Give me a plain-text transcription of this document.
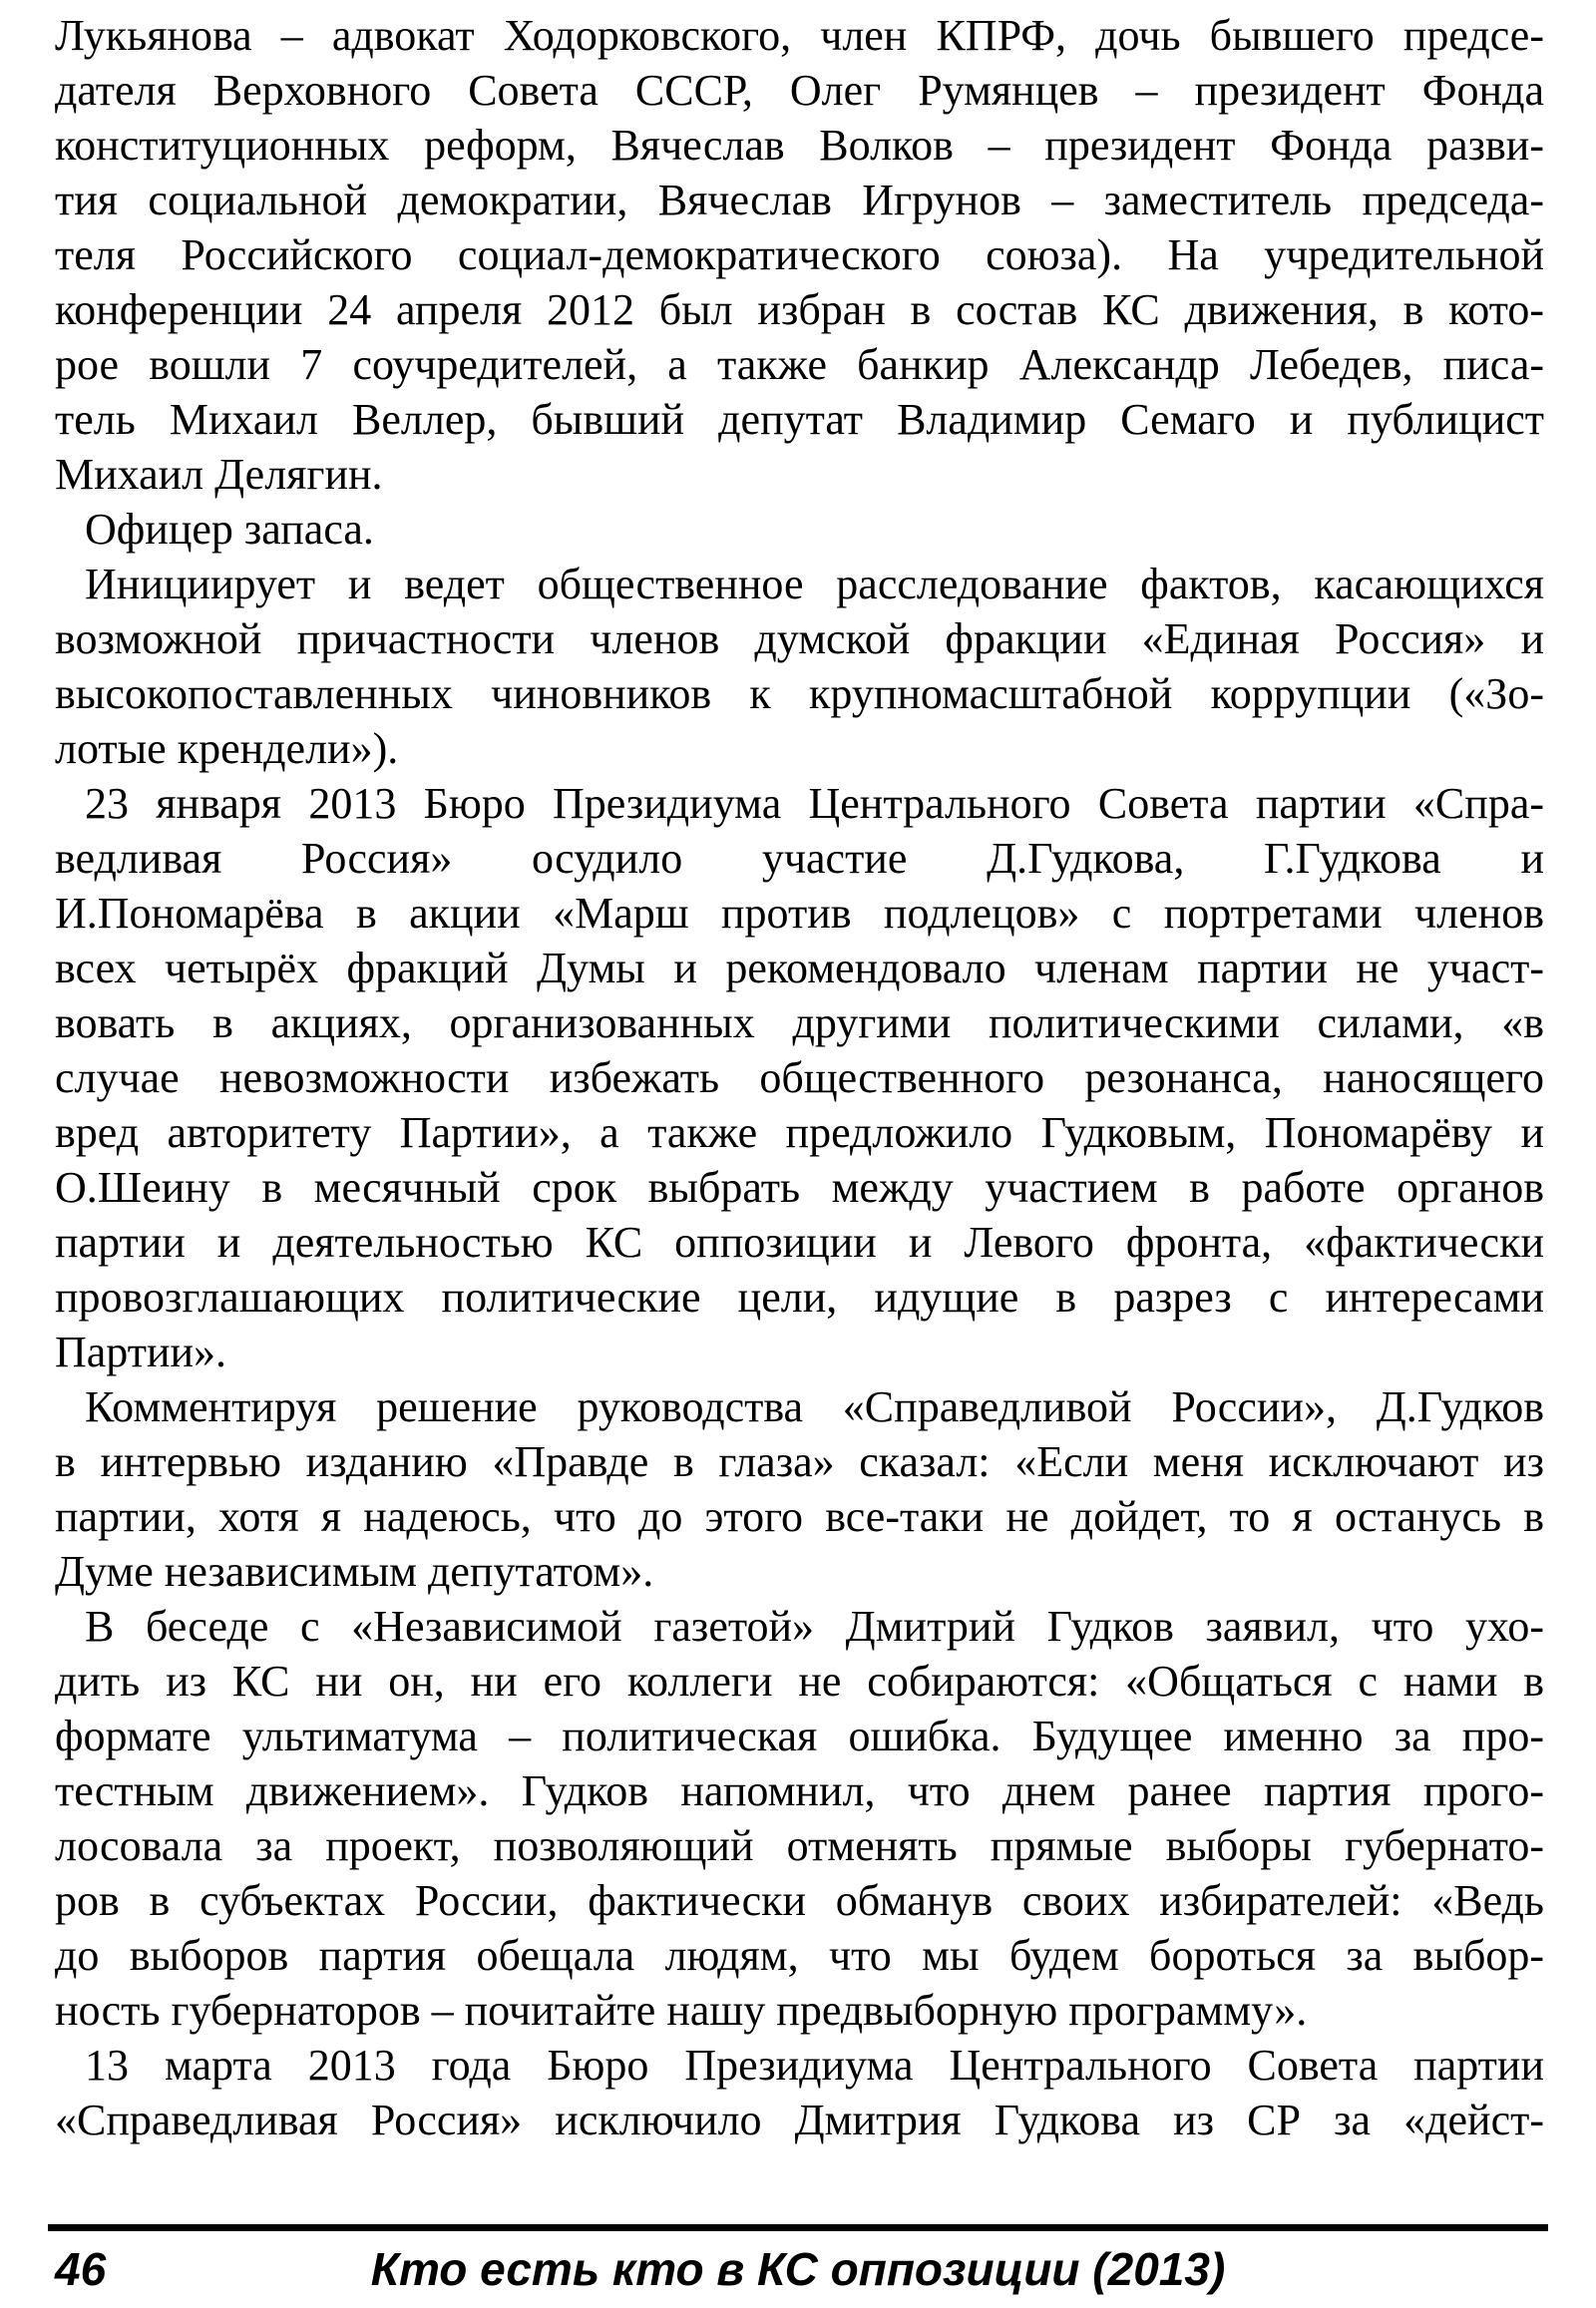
Лукьянова – адвокат Ходорковского, член КПРФ, дочь бывшего предсе-
дателя Верховного Совета СССР, Олег Румянцев – президент Фонда
конституционных реформ, Вячеслав Волков – президент Фонда разви-
тия социальной демократии, Вячеслав Игрунов – заместитель председа-
теля Российского социал-демократического союза). На учредительной
конференции 24 апреля 2012 был избран в состав КС движения, в кото-
рое вошли 7 соучредителей, а также банкир Александр Лебедев, писа-
тель Михаил Веллер, бывший депутат Владимир Семаго и публицист
Михаил Делягин.
Офицер запаса.
Инициирует и ведет общественное расследование фактов, касающихся
возможной причастности членов думской фракции «Единая Россия» и
высокопоставленных чиновников к крупномасштабной коррупции («Зо-
лотые крендели»).
23 января 2013 Бюро Президиума Центрального Совета партии «Спра-
ведливая Россия» осудило участие Д.Гудкова, Г.Гудкова и
И.Пономарёва в акции «Марш против подлецов» с портретами членов
всех четырёх фракций Думы и рекомендовало членам партии не участ-
вовать в акциях, организованных другими политическими силами, «в
случае невозможности избежать общественного резонанса, наносящего
вред авторитету Партии», а также предложило Гудковым, Пономарёву и
О.Шеину в месячный срок выбрать между участием в работе органов
партии и деятельностью КС оппозиции и Левого фронта, «фактически
провозглашающих политические цели, идущие в разрез с интересами
Партии».
Комментируя решение руководства «Справедливой России», Д.Гудков
в интервью изданию «Правде в глаза» сказал: «Если меня исключают из
партии, хотя я надеюсь, что до этого все-таки не дойдет, то я останусь в
Думе независимым депутатом».
В беседе с «Независимой газетой» Дмитрий Гудков заявил, что ухо-
дить из КС ни он, ни его коллеги не собираются: «Общаться с нами в
формате ультиматума – политическая ошибка. Будущее именно за про-
тестным движением». Гудков напомнил, что днем ранее партия прого-
лосовала за проект, позволяющий отменять прямые выборы губернато-
ров в субъектах России, фактически обманув своих избирателей: «Ведь
до выборов партия обещала людям, что мы будем бороться за выбор-
ность губернаторов – почитайте нашу предвыборную программу».
13 марта 2013 года Бюро Президиума Центрального Совета партии
«Справедливая Россия» исключило Дмитрия Гудкова из СР за «дейст-
46	Кто есть кто в КС оппозиции (2013)
